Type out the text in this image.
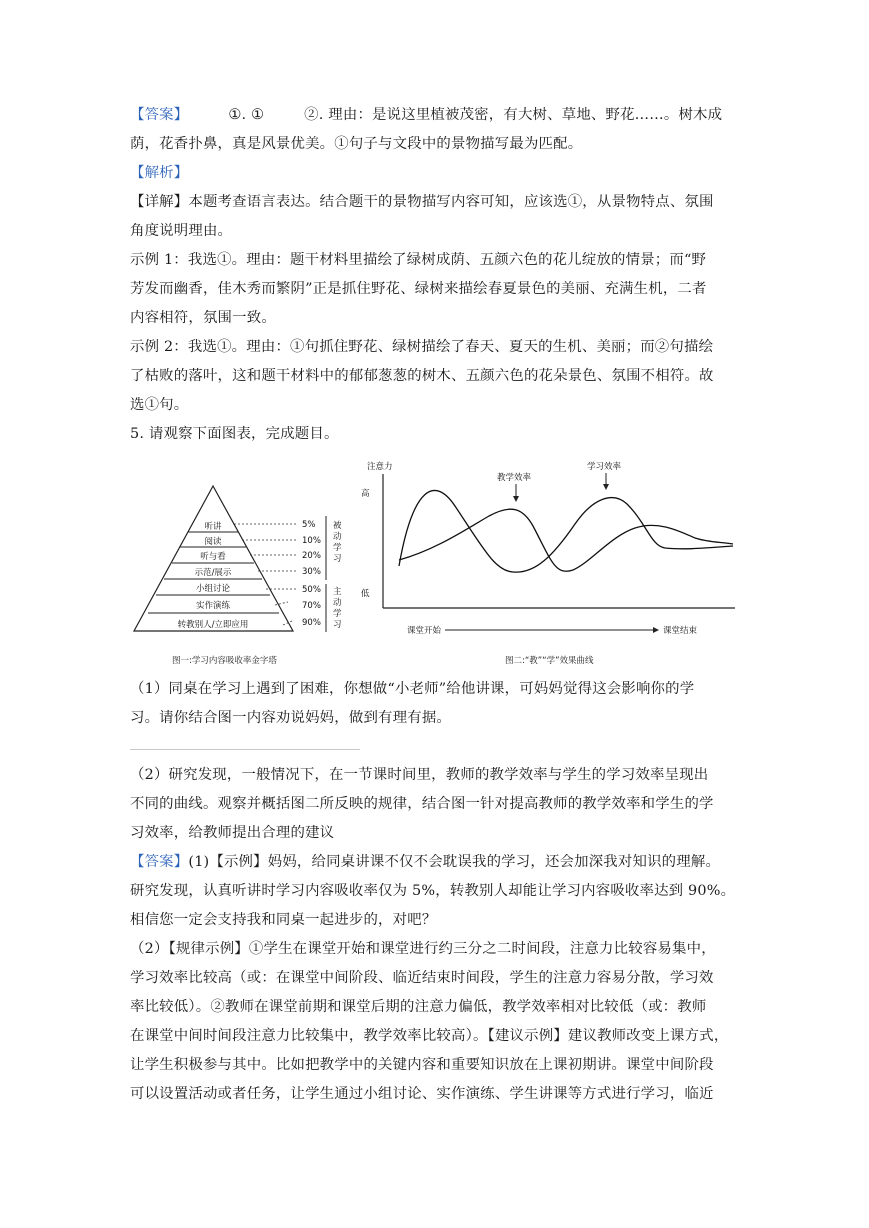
【答案】	①. ①	②. 理由：是说这里植被茂密，有大树、草地、野花……。树木成
荫，花香扑鼻，真是风景优美。①句子与文段中的景物描写最为匹配。
【解析】
【详解】本题考查语言表达。结合题干的景物描写内容可知，应该选①，从景物特点、氛围
角度说明理由。
示例 1：我选①。理由：题干材料里描绘了绿树成荫、五颜六色的花儿绽放的情景；而“野
芳发而幽香，佳木秀而繁阴”正是抓住野花、绿树来描绘春夏景色的美丽、充满生机，二者
内容相符，氛围一致。
示例 2：我选①。理由：①句抓住野花、绿树描绘了春天、夏天的生机、美丽；而②句描绘
了枯败的落叶，这和题干材料中的郁郁葱葱的树木、五颜六色的花朵景色、氛围不相符。故
选①句。
5. 请观察下面图表，完成题目。
听讲
阅读
听与看
示范/展示
小组讨论
实作演练
转教别人/立即应用
5%
10%
20%
30%
50%
70%
90%
被动学习
主动学习
图一:学习内容吸收率金字塔
注意力
高
低
教学效率
学习效率
课堂开始	课堂结束
图二:“教”“学”效果曲线
（1）同桌在学习上遇到了困难，你想做“小老师”给他讲课，可妈妈觉得这会影响你的学
习。请你结合图一内容劝说妈妈，做到有理有据。
（2）研究发现，一般情况下，在一节课时间里，教师的教学效率与学生的学习效率呈现出
不同的曲线。观察并概括图二所反映的规律，结合图一针对提高教师的教学效率和学生的学
习效率，给教师提出合理的建议
【答案】(1)【示例】妈妈，给同桌讲课不仅不会耽误我的学习，还会加深我对知识的理解。
研究发现，认真听讲时学习内容吸收率仅为 5%，转教别人却能让学习内容吸收率达到 90%。
相信您一定会支持我和同桌一起进步的，对吧？
（2）【规律示例】①学生在课堂开始和课堂进行约三分之二时间段，注意力比较容易集中，
学习效率比较高（或：在课堂中间阶段、临近结束时间段，学生的注意力容易分散，学习效
率比较低）。②教师在课堂前期和课堂后期的注意力偏低，教学效率相对比较低（或：教师
在课堂中间时间段注意力比较集中，教学效率比较高）。【建议示例】建议教师改变上课方式，
让学生积极参与其中。比如把教学中的关键内容和重要知识放在上课初期讲。课堂中间阶段
可以设置活动或者任务，让学生通过小组讨论、实作演练、学生讲课等方式进行学习，临近
